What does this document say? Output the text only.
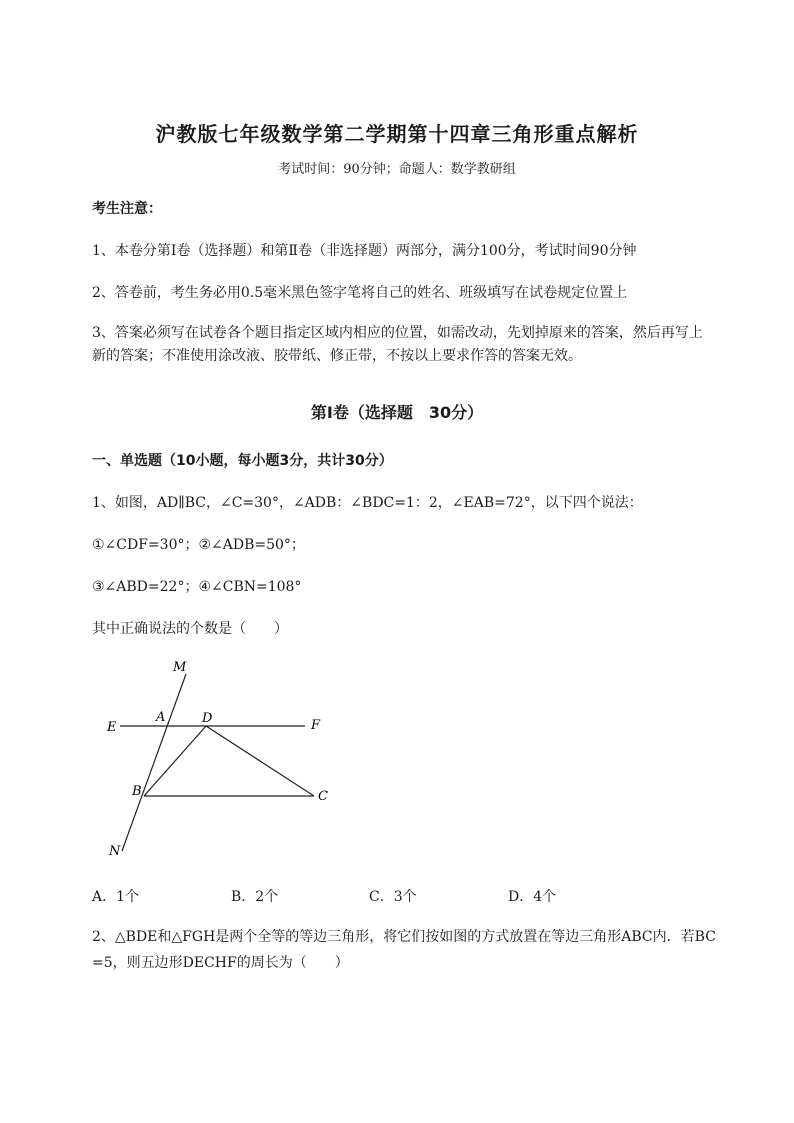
沪教版七年级数学第二学期第十四章三角形重点解析
考试时间：90分钟；命题人：数学教研组
考生注意：
1、本卷分第I卷（选择题）和第Ⅱ卷（非选择题）两部分，满分100分，考试时间90分钟
2、答卷前，考生务必用0.5毫米黑色签字笔将自己的姓名、班级填写在试卷规定位置上
3、答案必须写在试卷各个题目指定区域内相应的位置，如需改动，先划掉原来的答案，然后再写上新的答案；不准使用涂改液、胶带纸、修正带，不按以上要求作答的答案无效。
第I卷（选择题　30分）
一、单选题（10小题，每小题3分，共计30分）
1、如图，AD∥BC，∠C=30°，∠ADB：∠BDC=1：2，∠EAB=72°，以下四个说法：
①∠CDF=30°；②∠ADB=50°；
③∠ABD=22°；④∠CBN=108°
其中正确说法的个数是（　　）
M
E
A	D	F
B	C
N
A．1个	B．2个	C．3个	D．4个
2、△BDE和△FGH是两个全等的等边三角形，将它们按如图的方式放置在等边三角形ABC内．若BC
=5，则五边形DECHF的周长为（　　）
